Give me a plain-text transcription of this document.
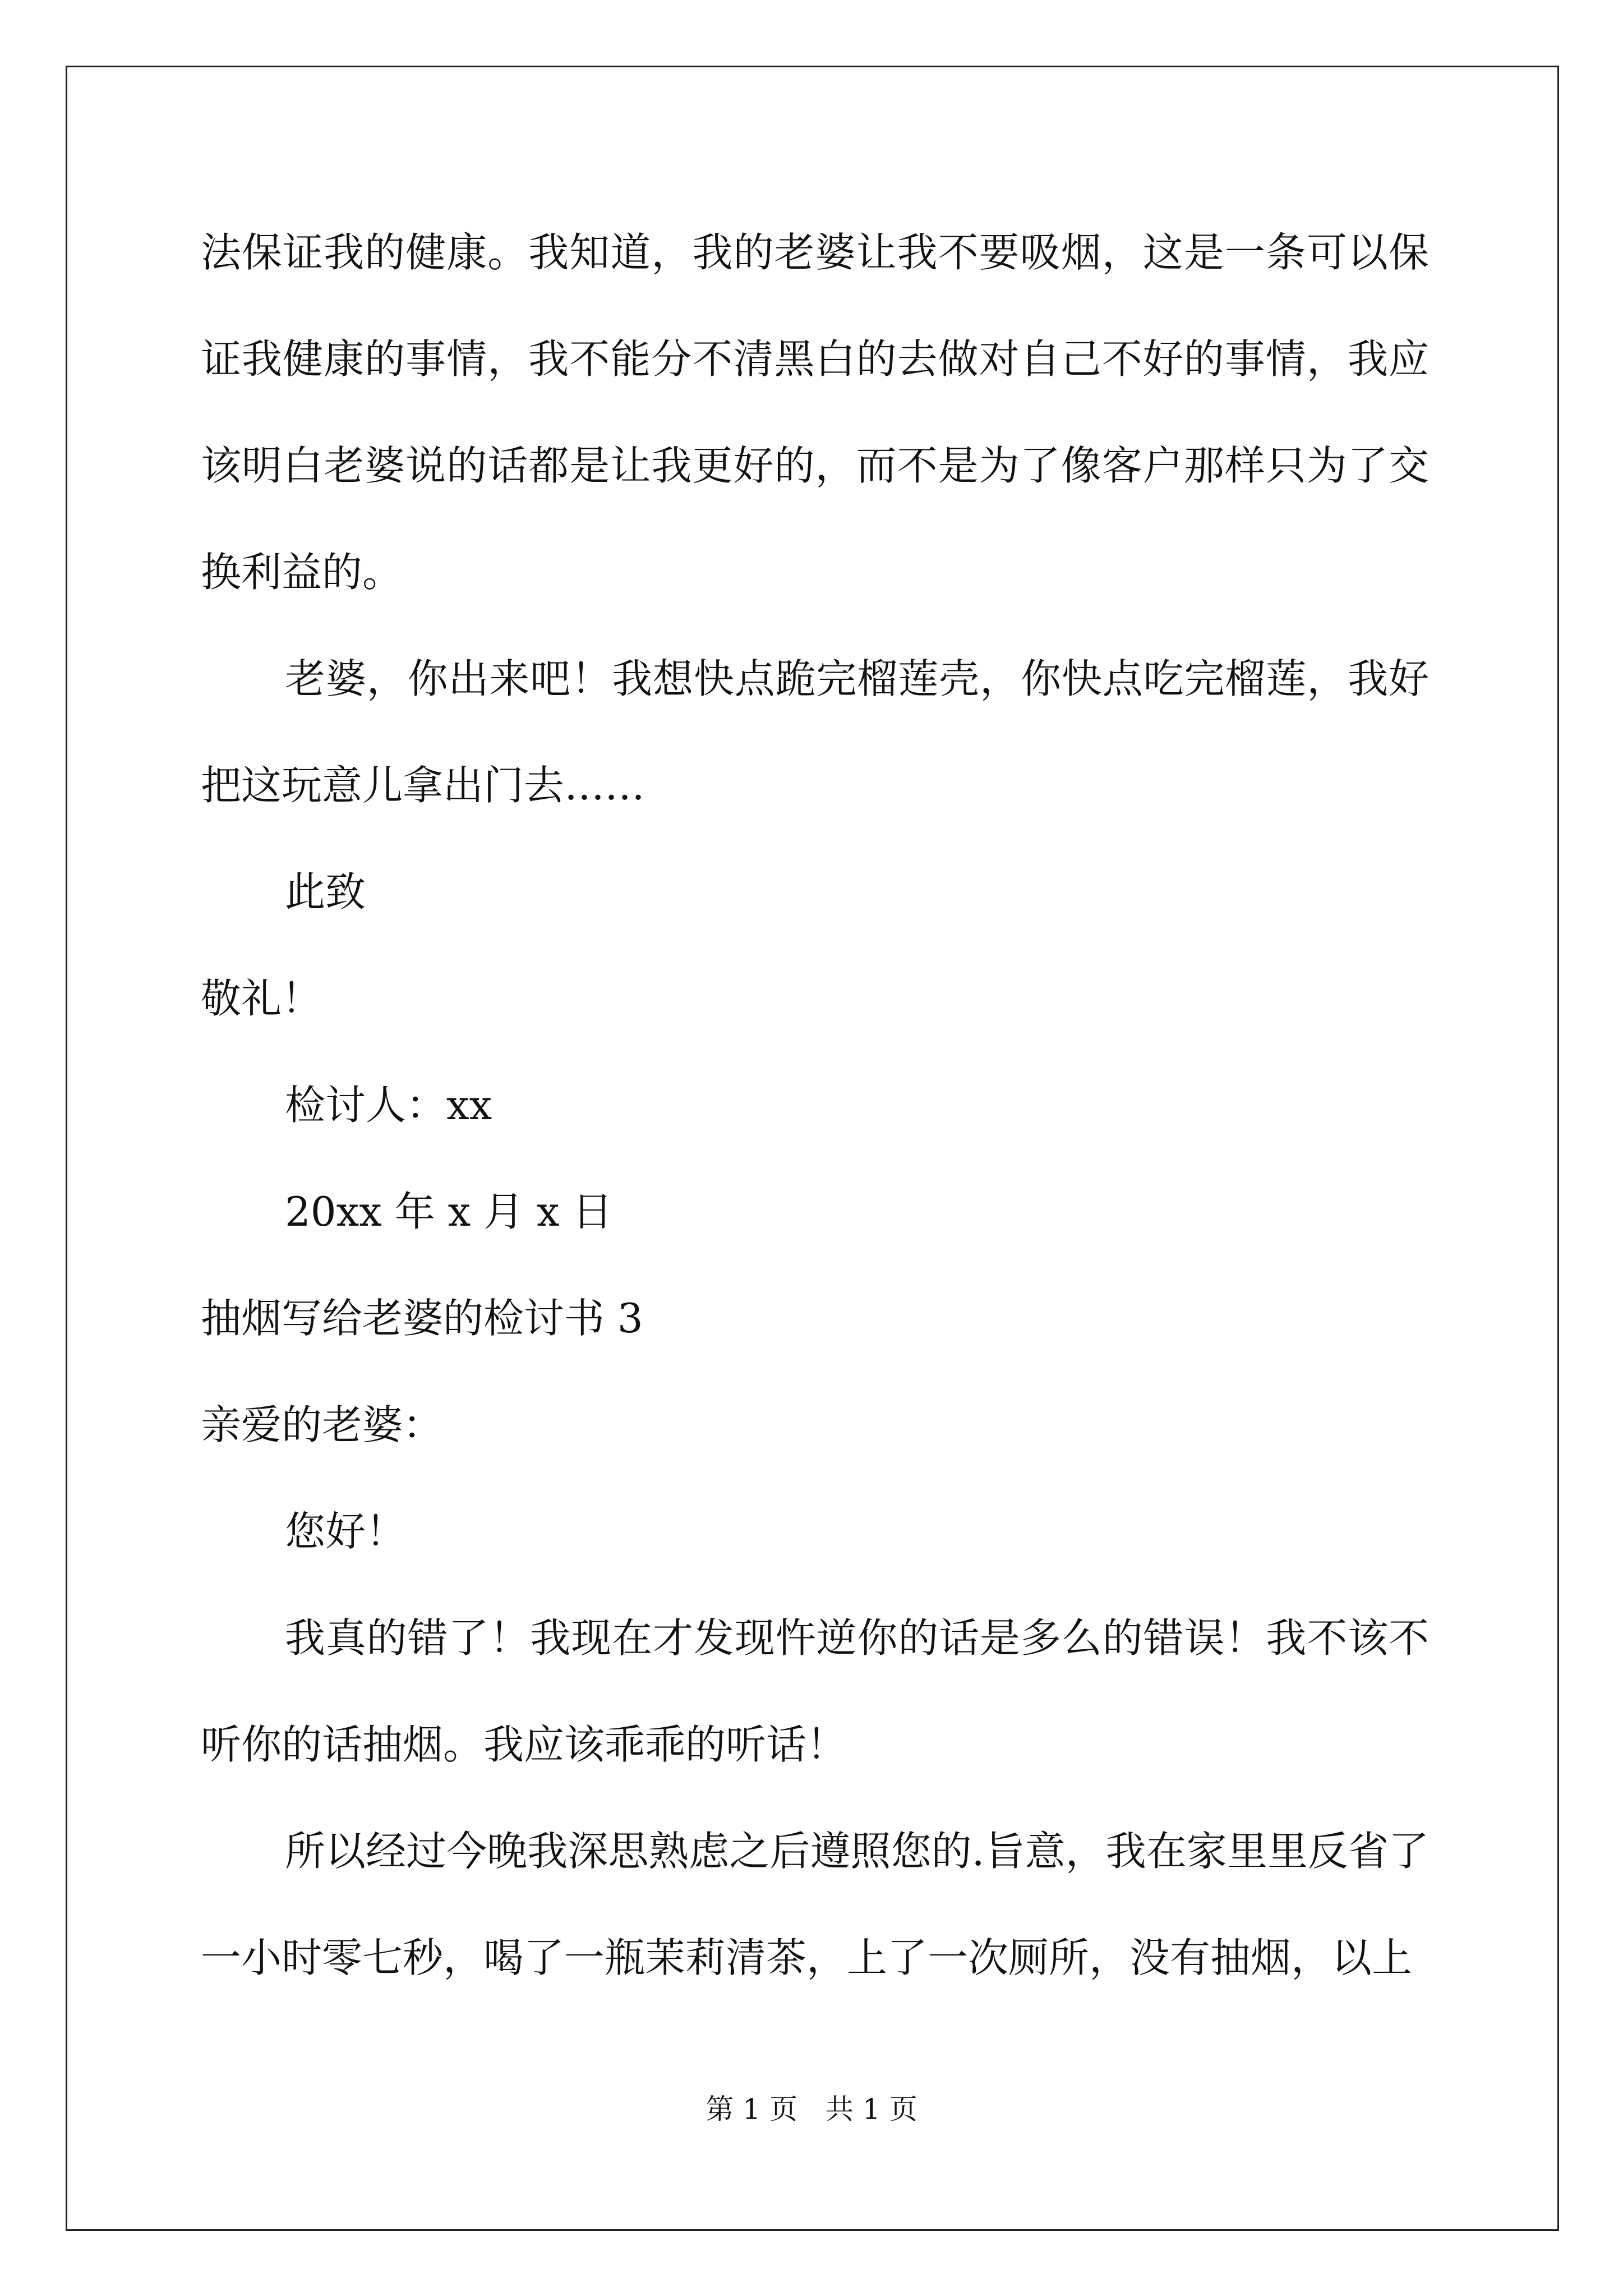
法保证我的健康。我知道，我的老婆让我不要吸烟，这是一条可以保证我健康的事情，我不能分不清黑白的去做对自己不好的事情，我应该明白老婆说的话都是让我更好的，而不是为了像客户那样只为了交换利益的。

老婆，你出来吧！我想快点跪完榴莲壳，你快点吃完榴莲，我好把这玩意儿拿出门去……

此致

敬礼！

检讨人：xx

20xx 年 x 月 x 日

抽烟写给老婆的检讨书 3

亲爱的老婆：

您好！

我真的错了！我现在才发现忤逆你的话是多么的错误！我不该不听你的话抽烟。我应该乖乖的听话！

所以经过今晚我深思熟虑之后遵照您的.旨意，我在家里里反省了一小时零七秒，喝了一瓶茉莉清茶，上了一次厕所，没有抽烟，以上

第 1 页 共 1 页
